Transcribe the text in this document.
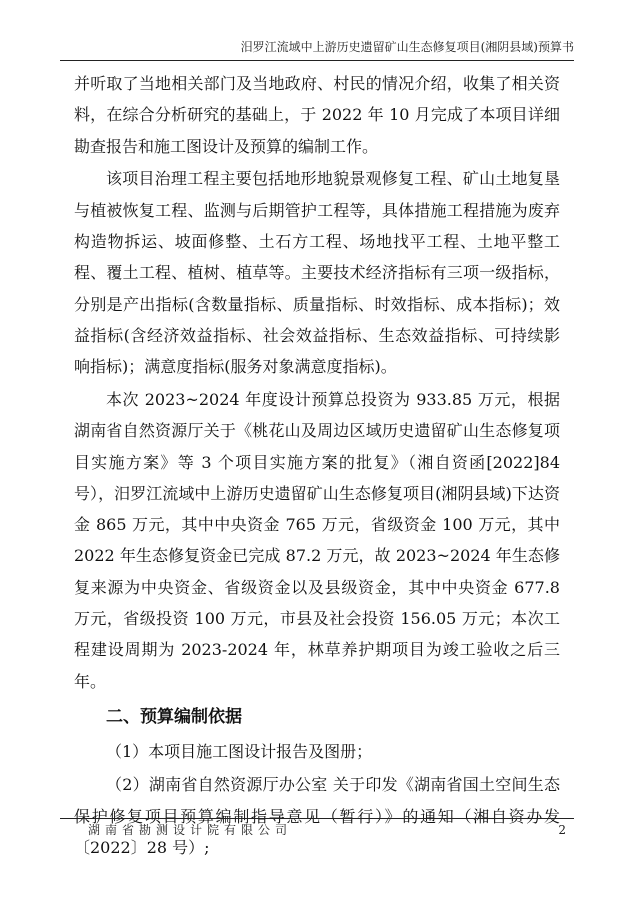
汨罗江流域中上游历史遗留矿山生态修复项目(湘阴县域)预算书

并听取了当地相关部门及当地政府、村民的情况介绍，收集了相关资料，在综合分析研究的基础上，于 2022 年 10 月完成了本项目详细勘查报告和施工图设计及预算的编制工作。

该项目治理工程主要包括地形地貌景观修复工程、矿山土地复垦与植被恢复工程、监测与后期管护工程等，具体措施工程措施为废弃构造物拆运、坡面修整、土石方工程、场地找平工程、土地平整工程、覆土工程、植树、植草等。主要技术经济指标有三项一级指标，分别是产出指标(含数量指标、质量指标、时效指标、成本指标)；效益指标(含经济效益指标、社会效益指标、生态效益指标、可持续影响指标)；满意度指标(服务对象满意度指标)。

本次 2023~2024 年度设计预算总投资为 933.85 万元，根据湖南省自然资源厅关于《桃花山及周边区域历史遗留矿山生态修复项目实施方案》等 3 个项目实施方案的批复》（湘自资函[2022]84 号），汨罗江流域中上游历史遗留矿山生态修复项目(湘阴县域)下达资金 865 万元，其中中央资金 765 万元，省级资金 100 万元，其中 2022 年生态修复资金已完成 87.2 万元，故 2023~2024 年生态修复来源为中央资金、省级资金以及县级资金，其中中央资金 677.8 万元，省级投资 100 万元，市县及社会投资 156.05 万元；本次工程建设周期为 2023-2024 年，林草养护期项目为竣工验收之后三年。

二、预算编制依据

（1）本项目施工图设计报告及图册；

（2）湖南省自然资源厅办公室 关于印发《湖南省国土空间生态保护修复项目预算编制指导意见（暂行）》的通知（湘自资办发〔2022〕28 号）;

湖南省勘测设计院有限公司	2
